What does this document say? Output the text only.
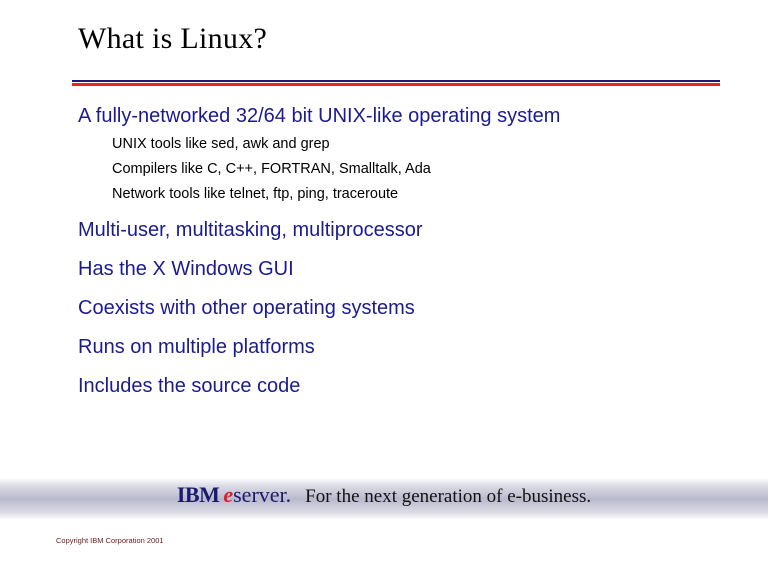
What is Linux?

A fully-networked 32/64 bit UNIX-like operating system

UNIX tools like sed, awk and grep

Compilers like C, C++, FORTRAN, Smalltalk, Ada

Network tools like telnet, ftp, ping, traceroute

Multi-user, multitasking, multiprocessor

Has the X Windows GUI

Coexists with other operating systems

Runs on multiple platforms

Includes the source code

IBM eserver. For the next generation of e-business.
Copyright IBM Corporation 2001
